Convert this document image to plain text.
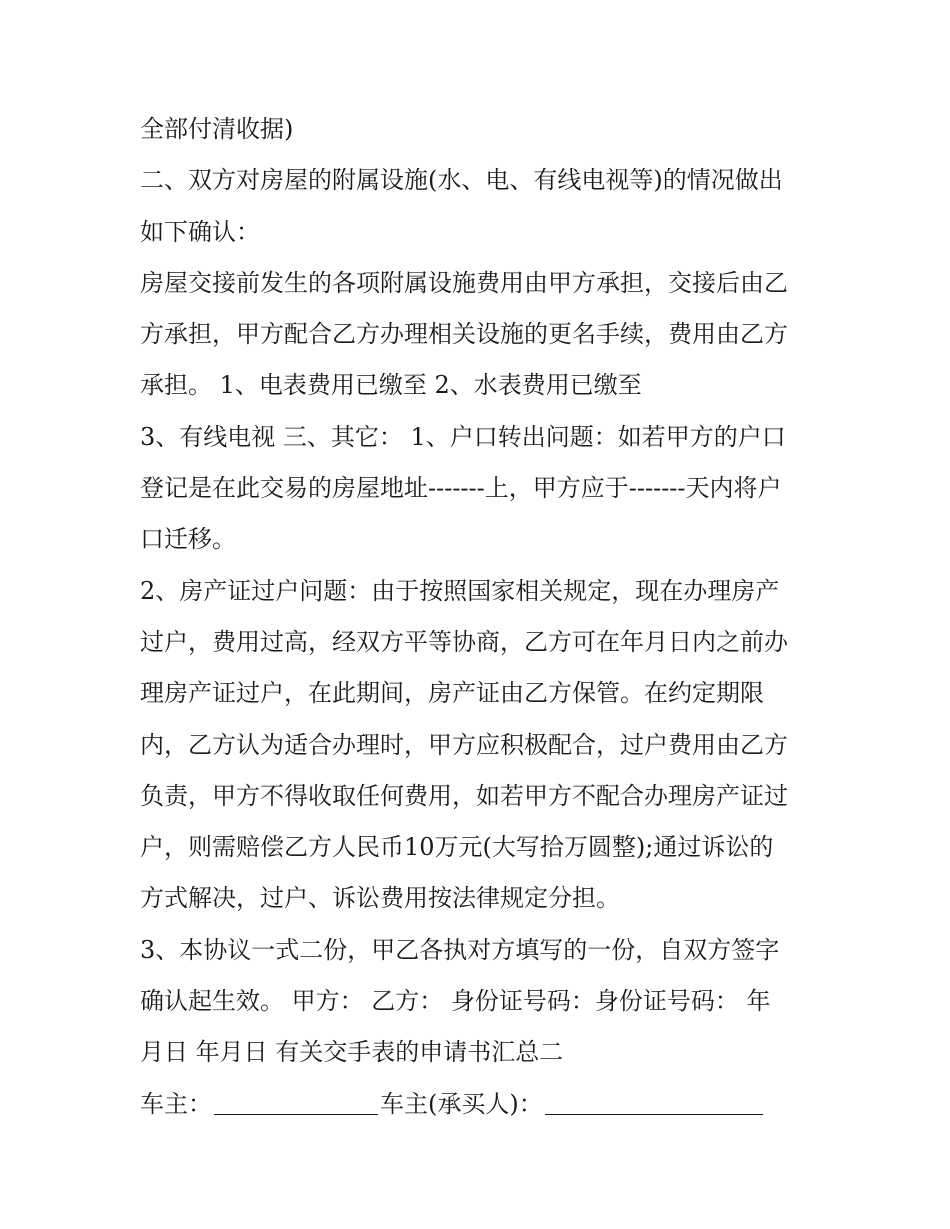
全部付清收据)
二、双方对房屋的附属设施(水、电、有线电视等)的情况做出
如下确认：
房屋交接前发生的各项附属设施费用由甲方承担，交接后由乙
方承担，甲方配合乙方办理相关设施的更名手续，费用由乙方
承担。 1、电表费用已缴至 2、水表费用已缴至
3、有线电视 三、其它： 1、户口转出问题：如若甲方的户口
登记是在此交易的房屋地址-------上，甲方应于-------天内将户
口迁移。
2、房产证过户问题：由于按照国家相关规定，现在办理房产
过户，费用过高，经双方平等协商，乙方可在年月日内之前办
理房产证过户，在此期间，房产证由乙方保管。在约定期限
内，乙方认为适合办理时，甲方应积极配合，过户费用由乙方
负责，甲方不得收取任何费用，如若甲方不配合办理房产证过
户，则需赔偿乙方人民币10万元(大写拾万圆整);通过诉讼的
方式解决，过户、诉讼费用按法律规定分担。
3、本协议一式二份，甲乙各执对方填写的一份，自双方签字
确认起生效。 甲方： 乙方： 身份证号码：身份证号码： 年
月日 年月日 有关交手表的申请书汇总二
车主：	车主(承买人)：
